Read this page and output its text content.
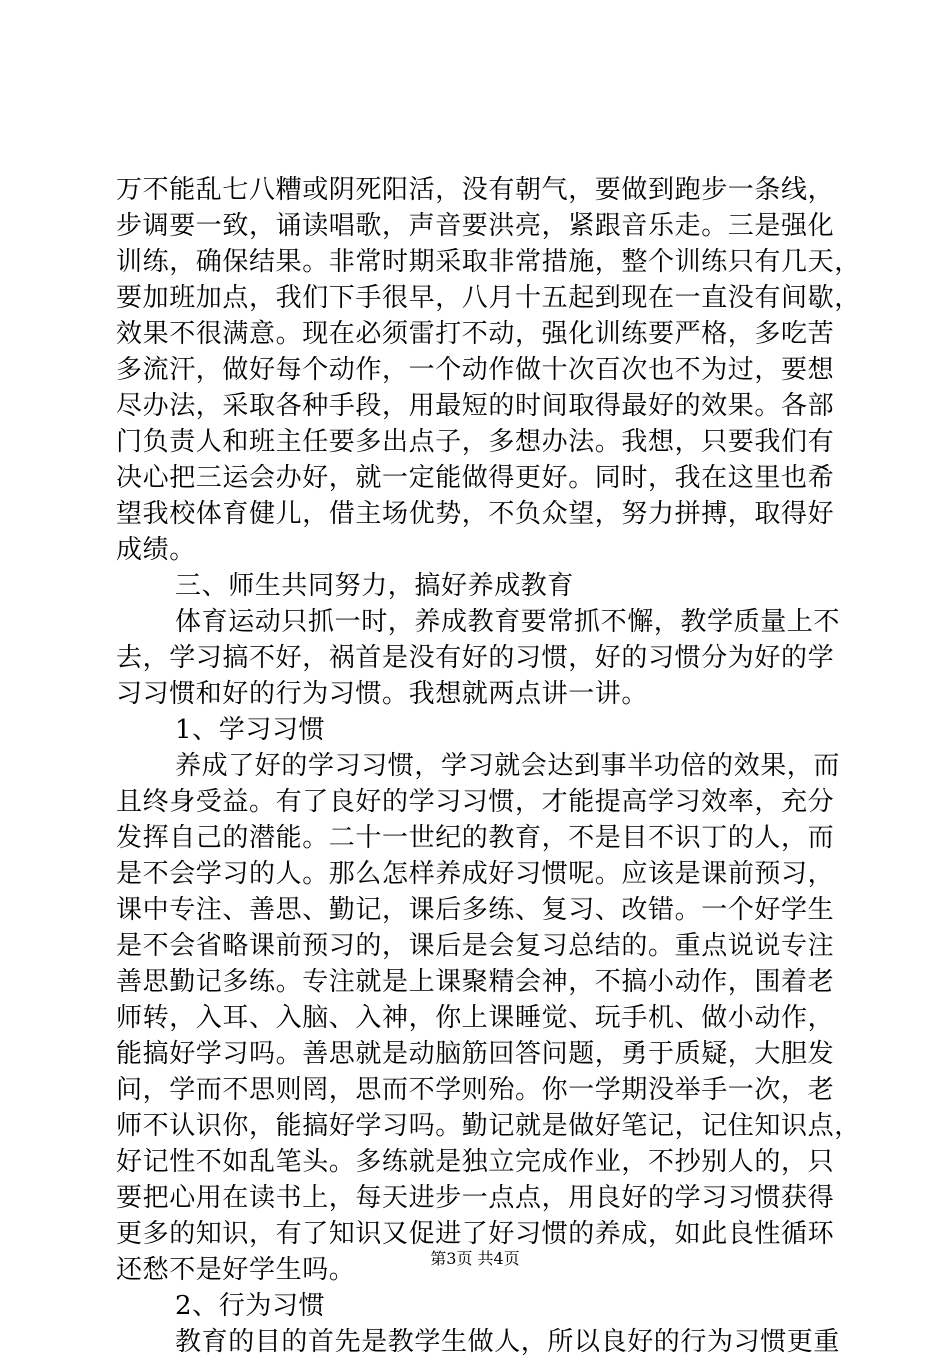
万不能乱七八糟或阴死阳活，没有朝气，要做到跑步一条线，
步调要一致，诵读唱歌，声音要洪亮，紧跟音乐走。三是强化
训练，确保结果。非常时期采取非常措施，整个训练只有几天，
要加班加点，我们下手很早，八月十五起到现在一直没有间歇，
效果不很满意。现在必须雷打不动，强化训练要严格，多吃苦
多流汗，做好每个动作，一个动作做十次百次也不为过，要想
尽办法，采取各种手段，用最短的时间取得最好的效果。各部
门负责人和班主任要多出点子，多想办法。我想，只要我们有
决心把三运会办好，就一定能做得更好。同时，我在这里也希
望我校体育健儿，借主场优势，不负众望，努力拼搏，取得好
成绩。
三、师生共同努力，搞好养成教育
体育运动只抓一时，养成教育要常抓不懈，教学质量上不
去，学习搞不好，祸首是没有好的习惯，好的习惯分为好的学
习习惯和好的行为习惯。我想就两点讲一讲。
1、学习习惯
养成了好的学习习惯，学习就会达到事半功倍的效果，而
且终身受益。有了良好的学习习惯，才能提高学习效率，充分
发挥自己的潜能。二十一世纪的教育，不是目不识丁的人，而
是不会学习的人。那么怎样养成好习惯呢。应该是课前预习，
课中专注、善思、勤记，课后多练、复习、改错。一个好学生
是不会省略课前预习的，课后是会复习总结的。重点说说专注
善思勤记多练。专注就是上课聚精会神，不搞小动作，围着老
师转，入耳、入脑、入神，你上课睡觉、玩手机、做小动作，
能搞好学习吗。善思就是动脑筋回答问题，勇于质疑，大胆发
问，学而不思则罔，思而不学则殆。你一学期没举手一次，老
师不认识你，能搞好学习吗。勤记就是做好笔记，记住知识点，
好记性不如乱笔头。多练就是独立完成作业，不抄别人的，只
要把心用在读书上，每天进步一点点，用良好的学习习惯获得
更多的知识，有了知识又促进了好习惯的养成，如此良性循环
还愁不是好学生吗。
2、行为习惯
教育的目的首先是教学生做人，所以良好的行为习惯更重
第3页 共4页
